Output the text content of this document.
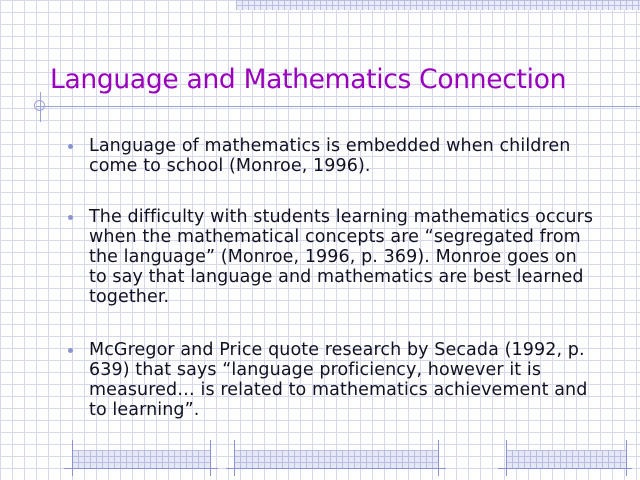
Language and Mathematics Connection

Language of mathematics is embedded when children come to school (Monroe, 1996).

The difficulty with students learning mathematics occurs when the mathematical concepts are “segregated from the language” (Monroe, 1996, p. 369). Monroe goes on to say that language and mathematics are best learned together.

McGregor and Price quote research by Secada (1992, p. 639) that says “language proficiency, however it is measured… is related to mathematics achievement and to learning”.
